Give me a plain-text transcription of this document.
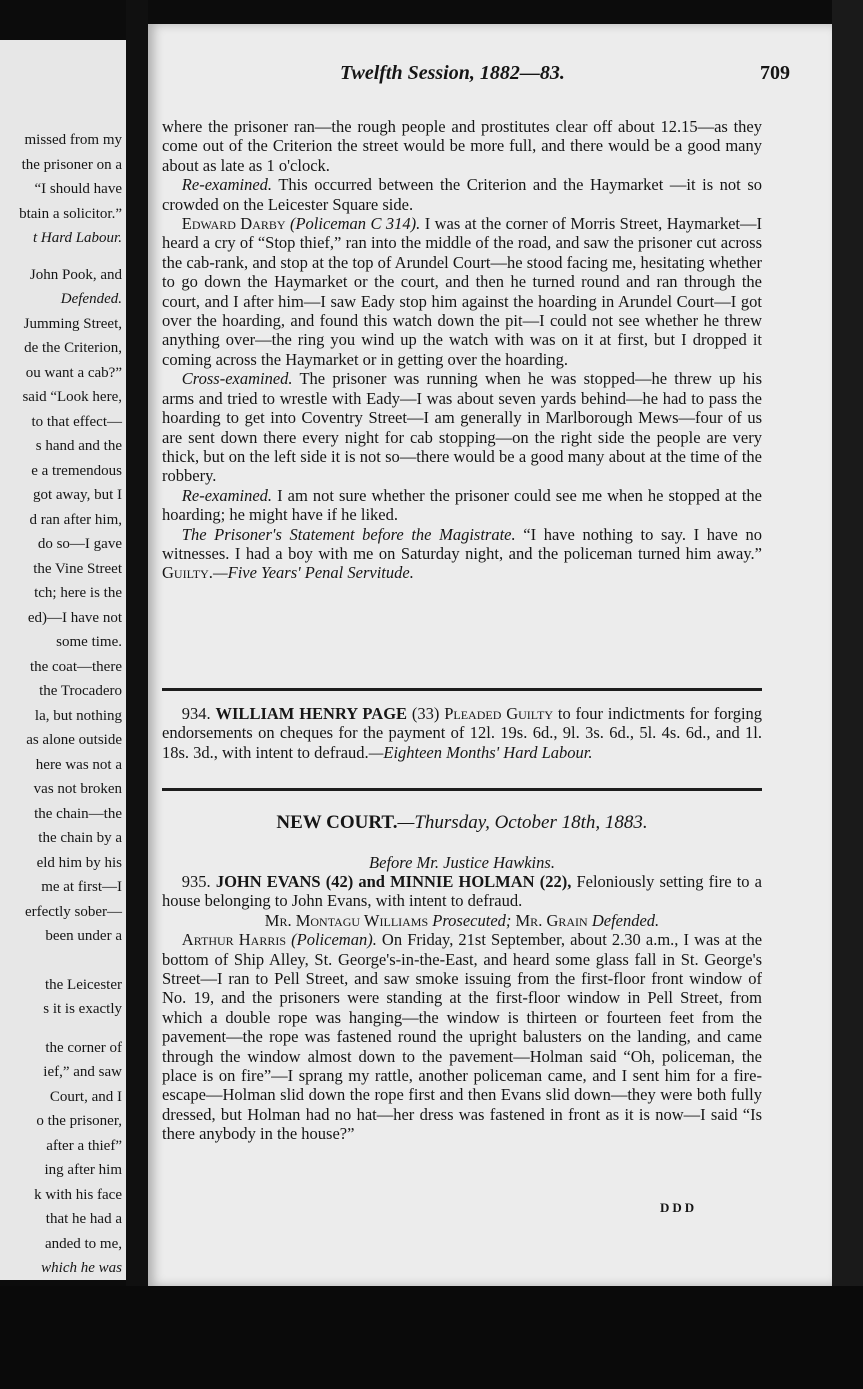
missed from my
the prisoner on a
“I should have
btain a solicitor.”
t Hard Labour.
John Pook, and
Defended.
Jumming Street,
de the Criterion,
ou want a cab?”
said “Look here,
to that effect—
s hand and the
e a tremendous
got away, but I
d ran after him,
do so—I gave
the Vine Street
tch; here is the
ed)—I have not
some time.
the coat—there
the Trocadero
la, but nothing
as alone outside
here was not a
vas not broken
the chain—the
the chain by a
eld him by his
me at first—I
erfectly sober—
been under a
the Leicester
s it is exactly
the corner of
ief,” and saw
Court, and I
o the prisoner,
after a thief”
ing after him
k with his face
that he had a
anded to me,
which he was
Twelfth Session, 1882—83.	709

where the prisoner ran—the rough people and prostitutes clear off about 12.15—as they come out of the Criterion the street would be more full, and there would be a good many about as late as 1 o'clock.

Re-examined. This occurred between the Criterion and the Haymarket —it is not so crowded on the Leicester Square side.

Edward Darby (Policeman C 314). I was at the corner of Morris Street, Haymarket—I heard a cry of “Stop thief,” ran into the middle of the road, and saw the prisoner cut across the cab-rank, and stop at the top of Arundel Court—he stood facing me, hesitating whether to go down the Haymarket or the court, and then he turned round and ran through the court, and I after him—I saw Eady stop him against the hoarding in Arundel Court—I got over the hoarding, and found this watch down the pit—I could not see whether he threw anything over—the ring you wind up the watch with was on it at first, but I dropped it coming across the Haymarket or in getting over the hoarding.

Cross-examined. The prisoner was running when he was stopped—he threw up his arms and tried to wrestle with Eady—I was about seven yards behind—he had to pass the hoarding to get into Coventry Street—I am generally in Marlborough Mews—four of us are sent down there every night for cab stopping—on the right side the people are very thick, but on the left side it is not so—there would be a good many about at the time of the robbery.

Re-examined. I am not sure whether the prisoner could see me when he stopped at the hoarding; he might have if he liked.

The Prisoner's Statement before the Magistrate. “I have nothing to say. I have no witnesses. I had a boy with me on Saturday night, and the policeman turned him away.” Guilty.—Five Years' Penal Servitude.

934. WILLIAM HENRY PAGE (33) Pleaded Guilty to four indictments for forging endorsements on cheques for the payment of 12l. 19s. 6d., 9l. 3s. 6d., 5l. 4s. 6d., and 1l. 18s. 3d., with intent to defraud.—Eighteen Months' Hard Labour.

NEW COURT.—Thursday, October 18th, 1883.
Before Mr. Justice Hawkins.

935. JOHN EVANS (42) and MINNIE HOLMAN (22), Feloniously setting fire to a house belonging to John Evans, with intent to defraud.

Mr. Montagu Williams Prosecuted; Mr. Grain Defended.

Arthur Harris (Policeman). On Friday, 21st September, about 2.30 a.m., I was at the bottom of Ship Alley, St. George's-in-the-East, and heard some glass fall in St. George's Street—I ran to Pell Street, and saw smoke issuing from the first-floor front window of No. 19, and the prisoners were standing at the first-floor window in Pell Street, from which a double rope was hanging—the window is thirteen or fourteen feet from the pavement—the rope was fastened round the upright balusters on the landing, and came through the window almost down to the pavement—Holman said “Oh, policeman, the place is on fire”—I sprang my rattle, another policeman came, and I sent him for a fire-escape—Holman slid down the rope first and then Evans slid down—they were both fully dressed, but Holman had no hat—her dress was fastened in front as it is now—I said “Is there anybody in the house?”

DDD
